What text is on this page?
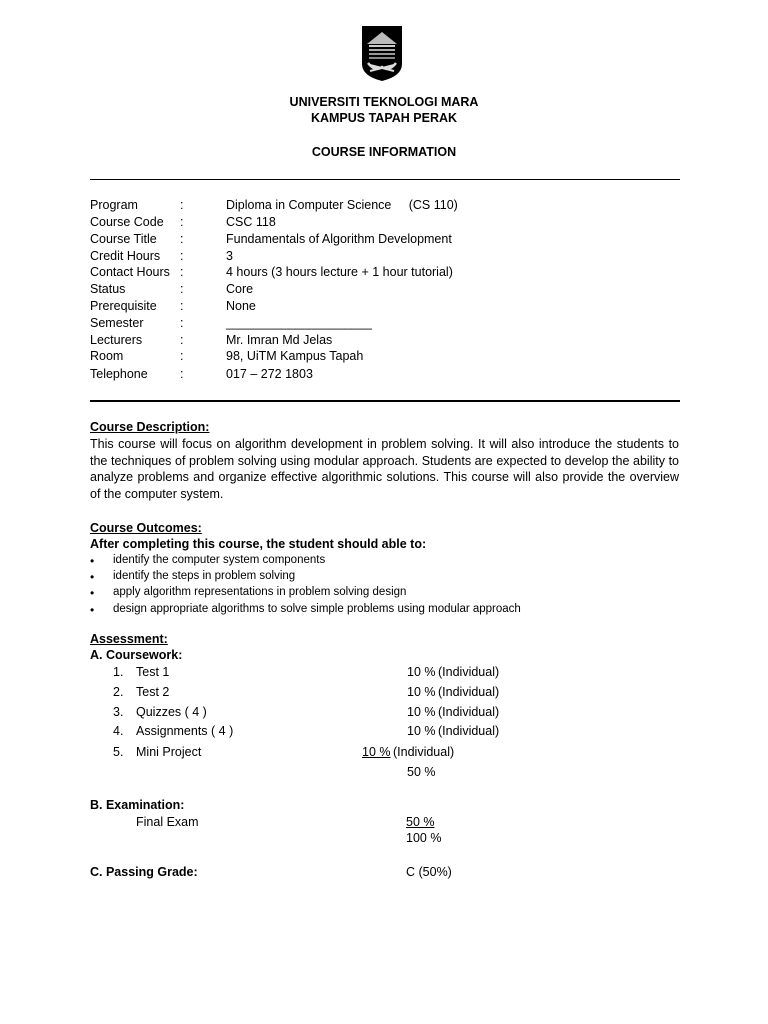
UNIVERSITI TEKNOLOGI MARA
KAMPUS TAPAH PERAK
COURSE INFORMATION
Program	:	Diploma in Computer Science     (CS 110)
Course Code :	CSC 118
Course Title :	Fundamentals of Algorithm Development
Credit Hours :	3
Contact Hours :	4 hours (3 hours lecture + 1 hour tutorial)
Status	:	Core
Prerequisite :	None
Semester	:	_____________________
Lecturers	:	Mr. Imran Md Jelas
Room	:	98, UiTM Kampus Tapah
Telephone	:	017 – 272 1803
Course Description:
This course will focus on algorithm development in problem solving. It will also introduce the students to the techniques of problem solving using modular approach. Students are expected to develop the ability to analyze problems and organize effective algorithmic solutions. This course will also provide the overview of the computer system.
Course Outcomes:
After completing this course, the student should able to:
• identify the computer system components
• identify the steps in problem solving
• apply algorithm representations in problem solving design
• design appropriate algorithms to solve simple problems using modular approach
Assessment:
A. Coursework:
1. Test 1	10 % (Individual)
2. Test 2	10 % (Individual)
3. Quizzes ( 4 )	10 % (Individual)
4. Assignments ( 4 )	10 % (Individual)
5. Mini Project	10 % (Individual)
50 %
B. Examination:
Final Exam	50 %
100 %
C. Passing Grade:	C (50%)
